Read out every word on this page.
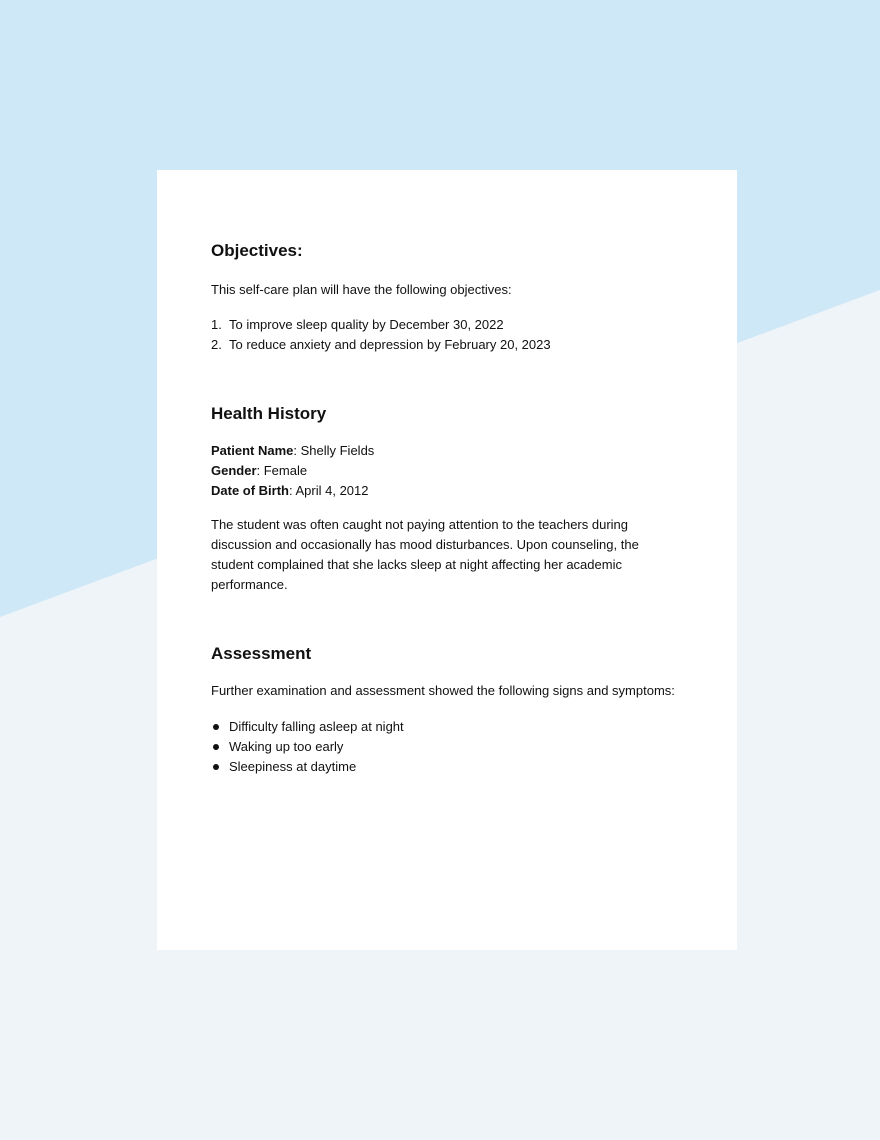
Objectives:

This self-care plan will have the following objectives:

1. To improve sleep quality by December 30, 2022
2. To reduce anxiety and depression by February 20, 2023
Health History
Patient Name: Shelly Fields
Gender: Female
Date of Birth: April 4, 2012

The student was often caught not paying attention to the teachers during discussion and occasionally has mood disturbances. Upon counseling, the student complained that she lacks sleep at night affecting her academic performance.

Assessment

Further examination and assessment showed the following signs and symptoms:

Difficulty falling asleep at night
Waking up too early
Sleepiness at daytime
